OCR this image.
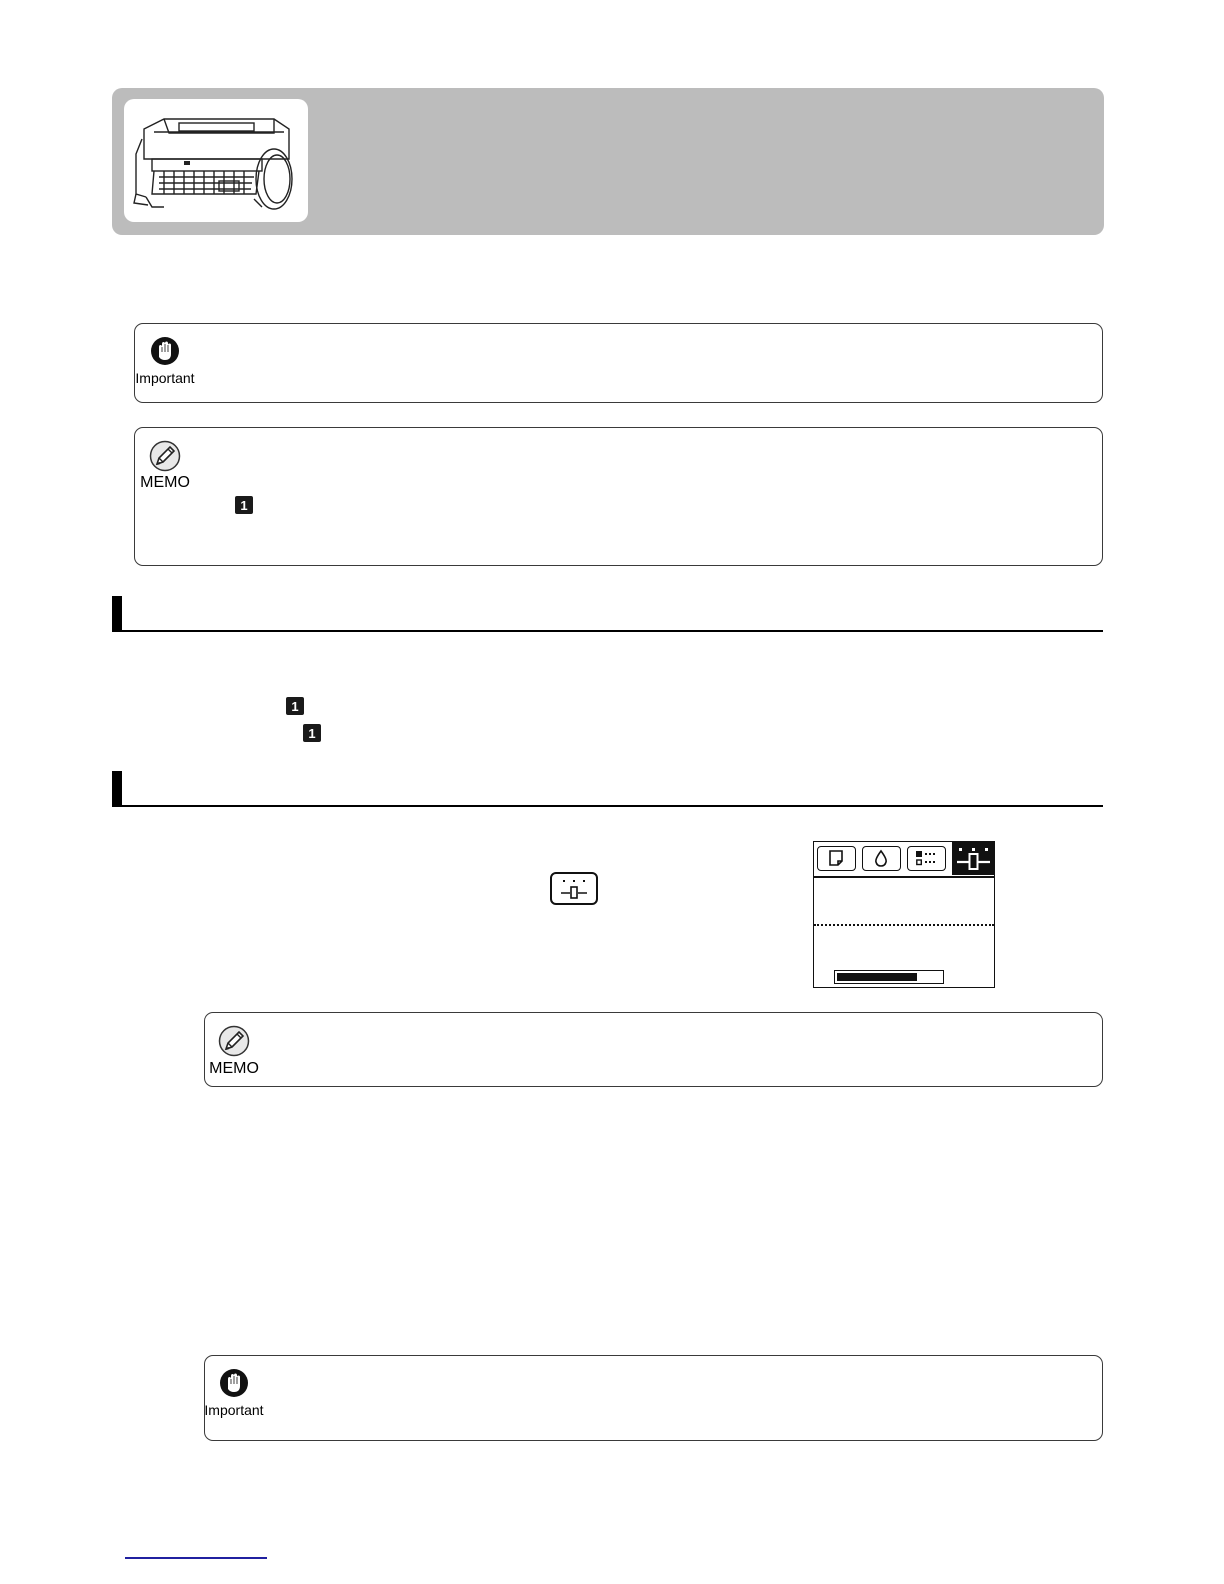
Important
MEMO
1
1
1
MEMO
Important
